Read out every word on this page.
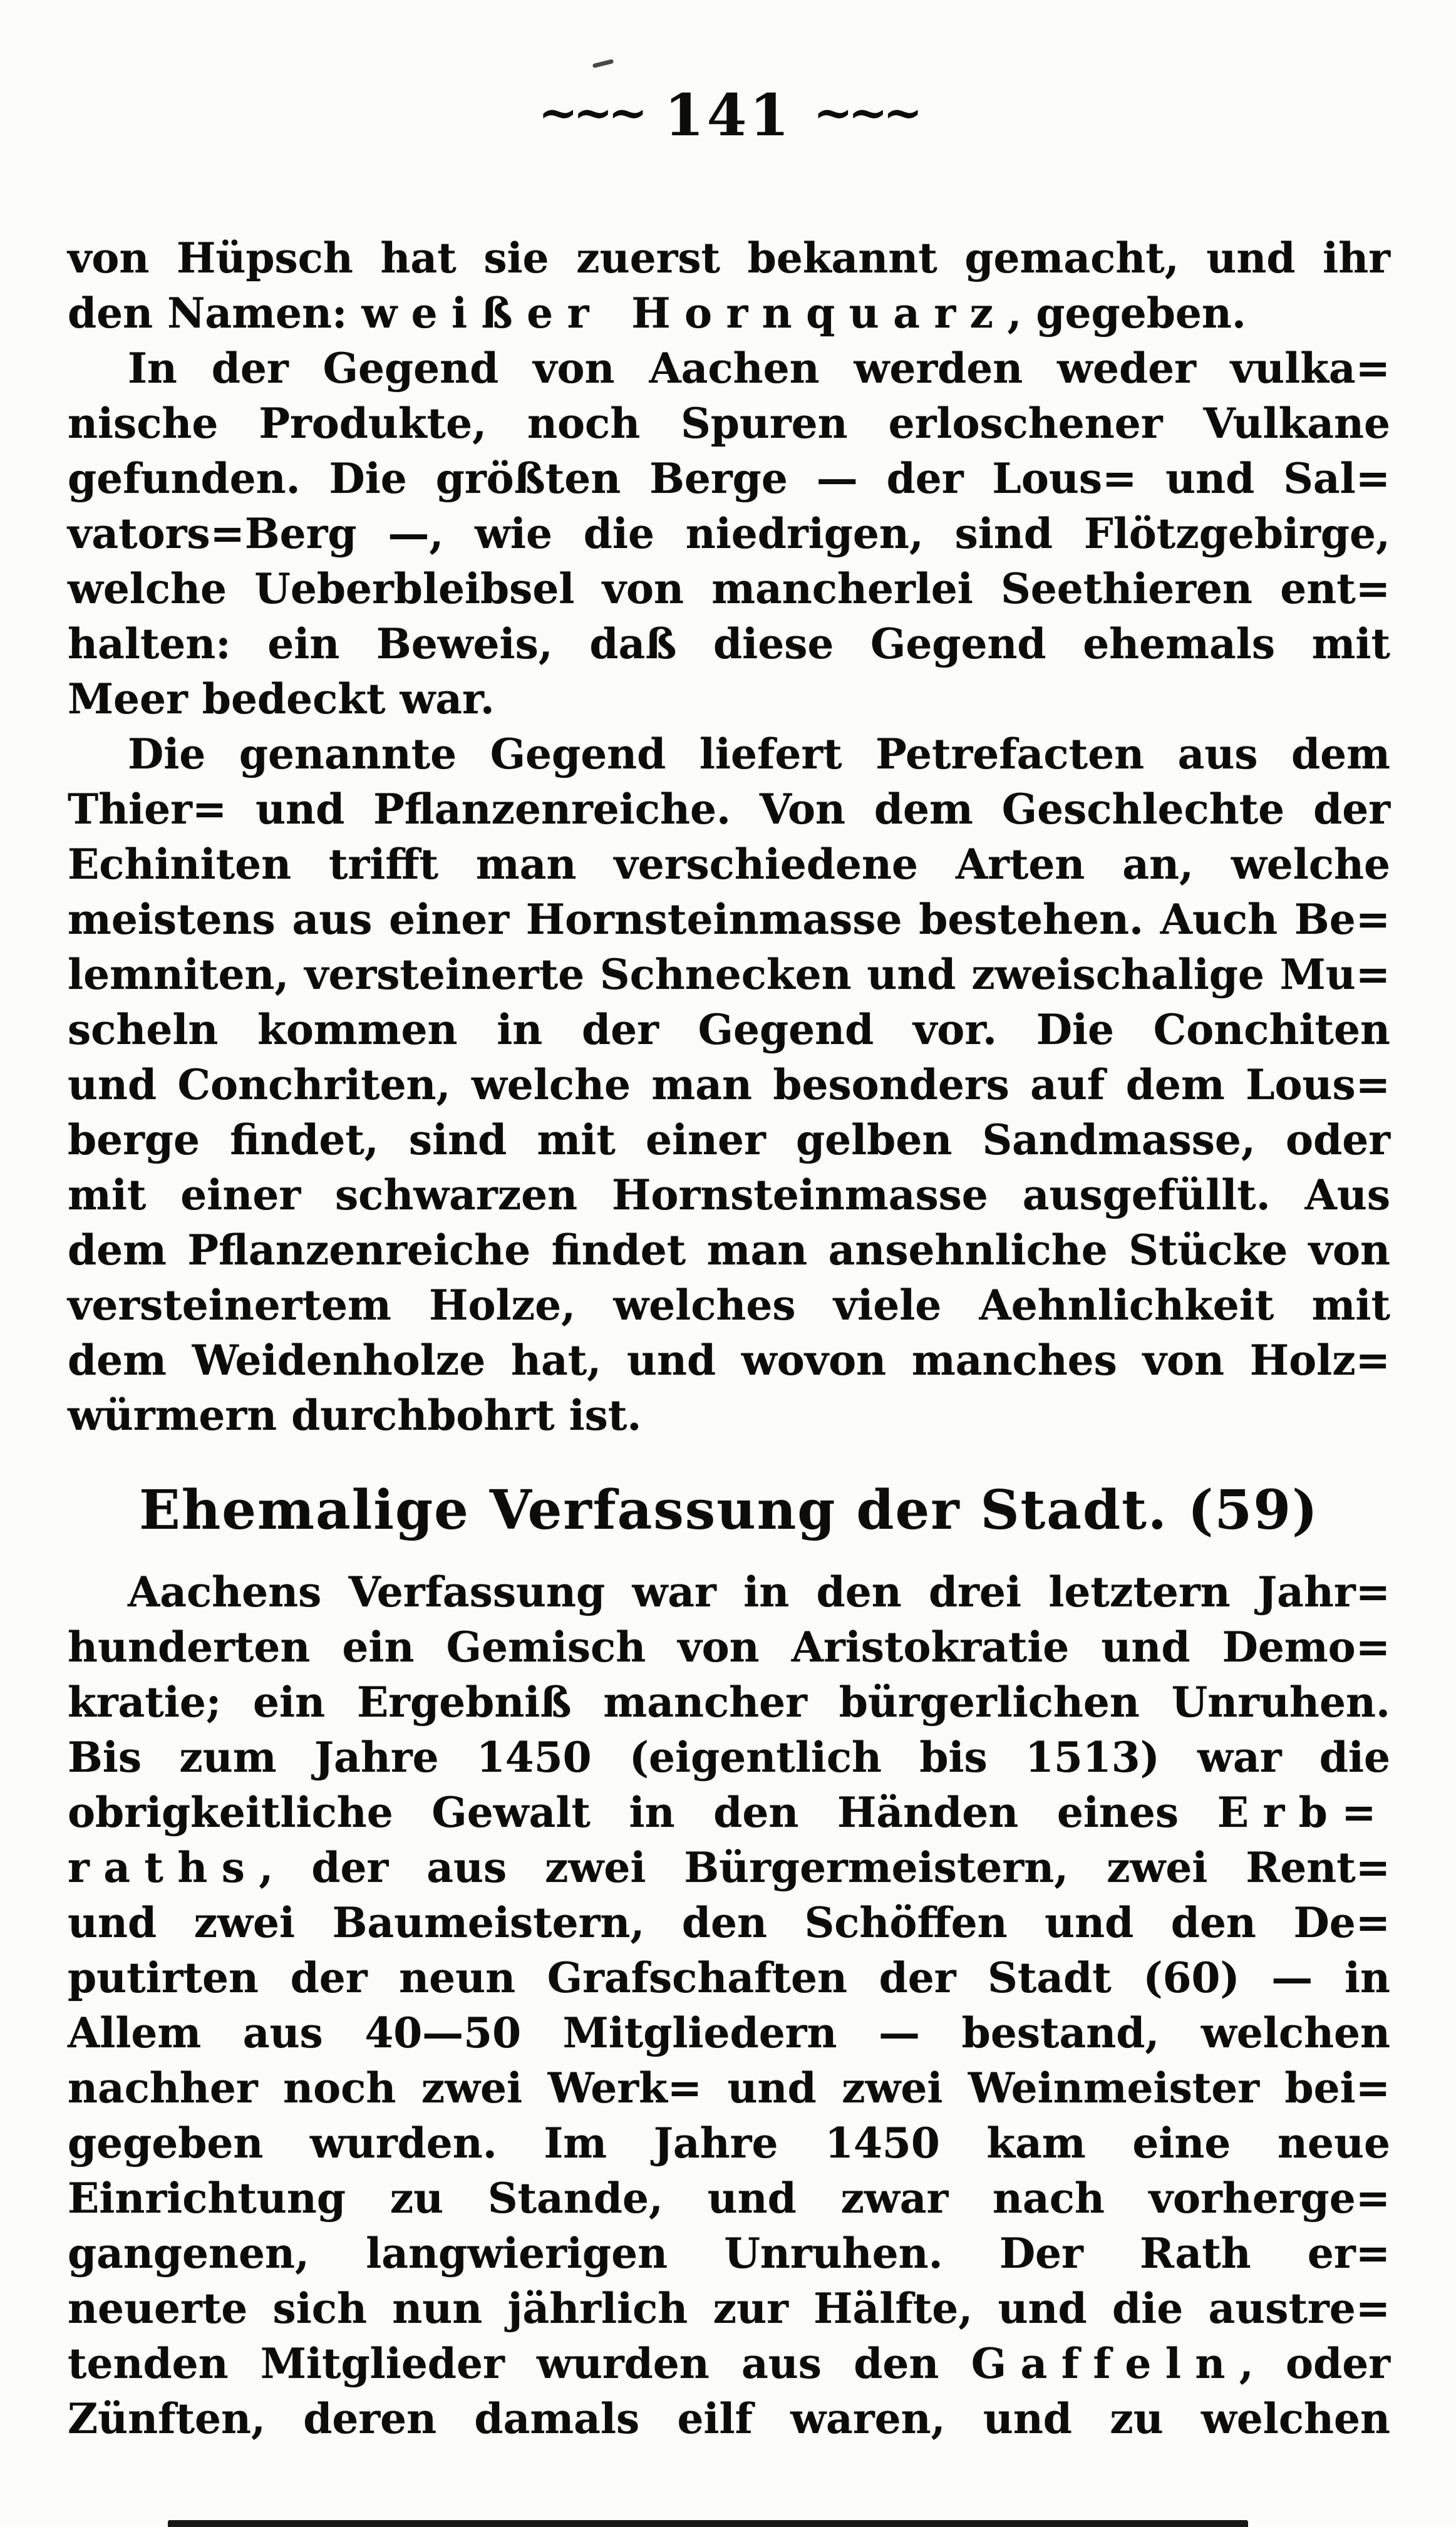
~~~ 141 ~~~
von Hüpsch hat sie zuerst bekannt gemacht, und ihr
den Namen: weißer Hornquarz, gegeben.
In der Gegend von Aachen werden weder vulka=
nische Produkte, noch Spuren erloschener Vulkane
gefunden. Die größten Berge — der Lous= und Sal=
vators=Berg —, wie die niedrigen, sind Flötzgebirge,
welche Ueberbleibsel von mancherlei Seethieren ent=
halten: ein Beweis, daß diese Gegend ehemals mit
Meer bedeckt war.
Die genannte Gegend liefert Petrefacten aus dem
Thier= und Pflanzenreiche. Von dem Geschlechte der
Echiniten trifft man verschiedene Arten an, welche
meistens aus einer Hornsteinmasse bestehen. Auch Be=
lemniten, versteinerte Schnecken und zweischalige Mu=
scheln kommen in der Gegend vor. Die Conchiten
und Conchriten, welche man besonders auf dem Lous=
berge findet, sind mit einer gelben Sandmasse, oder
mit einer schwarzen Hornsteinmasse ausgefüllt. Aus
dem Pflanzenreiche findet man ansehnliche Stücke von
versteinertem Holze, welches viele Aehnlichkeit mit
dem Weidenholze hat, und wovon manches von Holz=
würmern durchbohrt ist.
Ehemalige Verfassung der Stadt. (59)
Aachens Verfassung war in den drei letztern Jahr=
hunderten ein Gemisch von Aristokratie und Demo=
kratie; ein Ergebniß mancher bürgerlichen Unruhen.
Bis zum Jahre 1450 (eigentlich bis 1513) war die
obrigkeitliche Gewalt in den Händen eines Erb=
raths, der aus zwei Bürgermeistern, zwei Rent=
und zwei Baumeistern, den Schöffen und den De=
putirten der neun Grafschaften der Stadt (60) — in
Allem aus 40—50 Mitgliedern — bestand, welchen
nachher noch zwei Werk= und zwei Weinmeister bei=
gegeben wurden. Im Jahre 1450 kam eine neue
Einrichtung zu Stande, und zwar nach vorherge=
gangenen, langwierigen Unruhen. Der Rath er=
neuerte sich nun jährlich zur Hälfte, und die austre=
tenden Mitglieder wurden aus den Gaffeln, oder
Zünften, deren damals eilf waren, und zu welchen
